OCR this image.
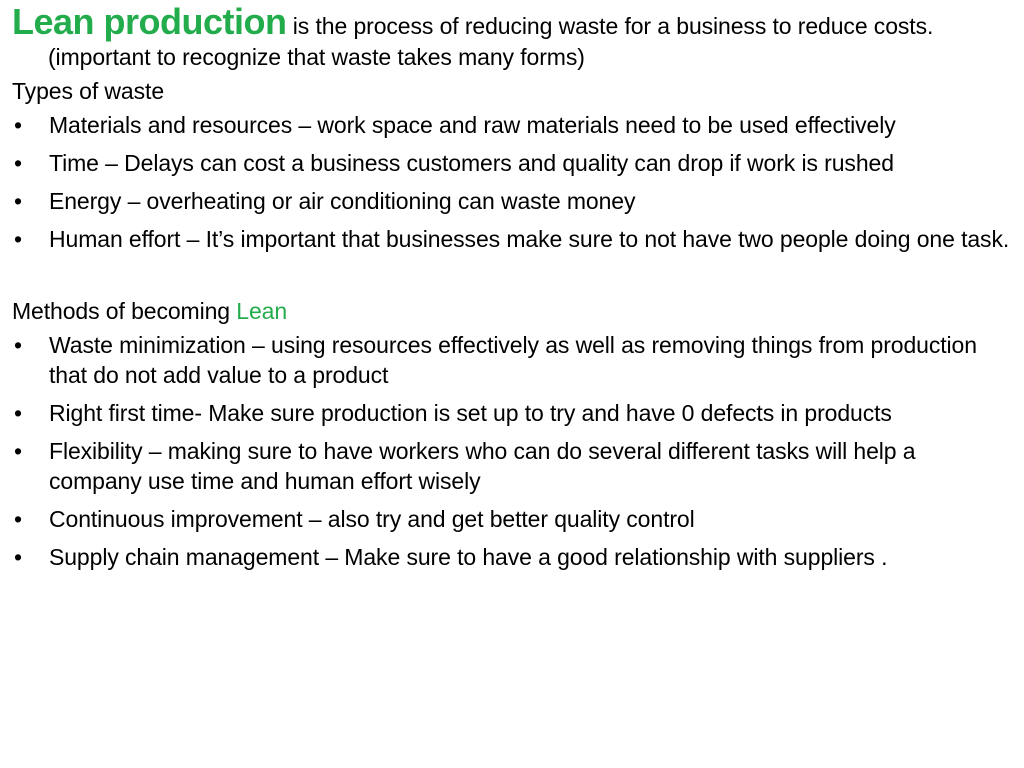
Lean production is the process of reducing waste for a business to reduce costs. (important to recognize that waste takes many forms)

Types of waste
• Materials and resources – work space and raw materials need to be used effectively
• Time – Delays can cost a business customers and quality can drop if work is rushed
• Energy – overheating or air conditioning can waste money
• Human effort – It’s important that businesses make sure to not have two people doing one task.
Methods of becoming Lean
• Waste minimization – using resources effectively as well as removing things from production that do not add value to a product
• Right first time- Make sure production is set up to try and have 0 defects in products
• Flexibility – making sure to have workers who can do several different tasks will help a company use time and human effort wisely
• Continuous improvement – also try and get better quality control
• Supply chain management – Make sure to have a good relationship with suppliers .
